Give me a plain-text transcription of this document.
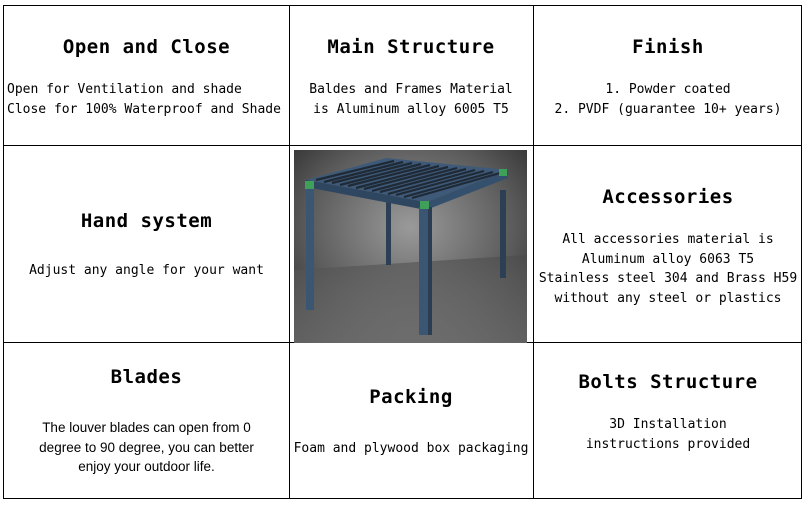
Open and Close
Open for Ventilation and shade
Close for 100% Waterproof and Shade
Main Structure
Baldes and Frames Material
is Aluminum alloy 6005 T5
Finish
1. Powder coated
2. PVDF (guarantee 10+ years)
Hand system
Adjust any angle for your want
Accessories
All accessories material is
Aluminum alloy 6063 T5
Stainless steel 304 and Brass H59
without any steel or plastics
Blades
The louver blades can open from 0
degree to 90 degree, you can better
enjoy your outdoor life.
Packing
Foam and plywood box packaging
Bolts Structure
3D Installation
instructions provided
